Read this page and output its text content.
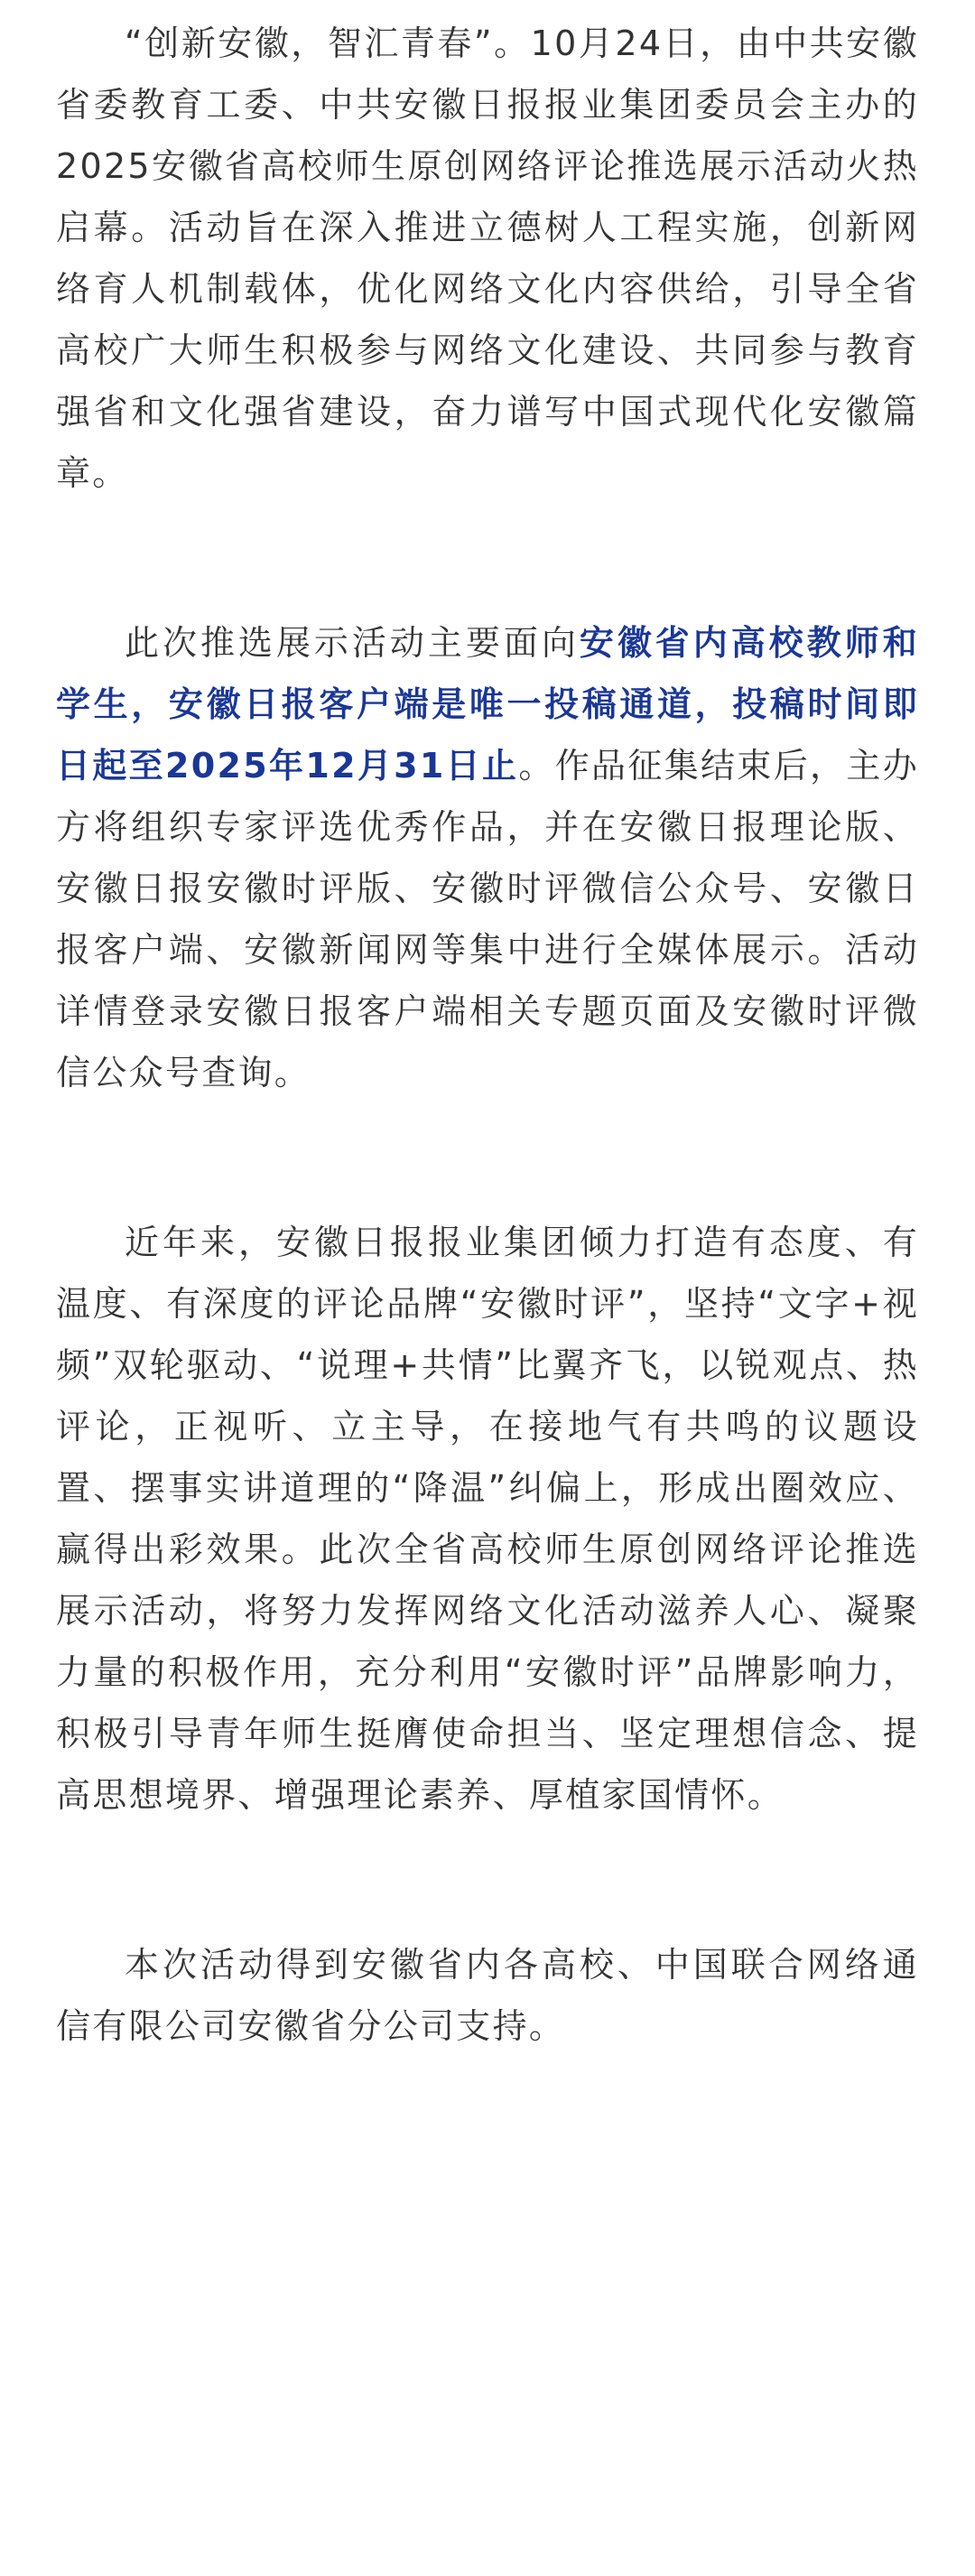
“创新安徽，智汇青春”。10月24日，由中共安徽省委教育工委、中共安徽日报报业集团委员会主办的2025安徽省高校师生原创网络评论推选展示活动火热启幕。活动旨在深入推进立德树人工程实施，创新网络育人机制载体，优化网络文化内容供给，引导全省高校广大师生积极参与网络文化建设、共同参与教育强省和文化强省建设，奋力谱写中国式现代化安徽篇章。

此次推选展示活动主要面向安徽省内高校教师和学生，安徽日报客户端是唯一投稿通道，投稿时间即日起至2025年12月31日止。作品征集结束后，主办方将组织专家评选优秀作品，并在安徽日报理论版、安徽日报安徽时评版、安徽时评微信公众号、安徽日报客户端、安徽新闻网等集中进行全媒体展示。活动详情登录安徽日报客户端相关专题页面及安徽时评微信公众号查询。

近年来，安徽日报报业集团倾力打造有态度、有温度、有深度的评论品牌“安徽时评”，坚持“文字+视频”双轮驱动、“说理+共情”比翼齐飞，以锐观点、热评论，正视听、立主导，在接地气有共鸣的议题设置、摆事实讲道理的“降温”纠偏上，形成出圈效应、赢得出彩效果。此次全省高校师生原创网络评论推选展示活动，将努力发挥网络文化活动滋养人心、凝聚力量的积极作用，充分利用“安徽时评”品牌影响力，积极引导青年师生挺膺使命担当、坚定理想信念、提高思想境界、增强理论素养、厚植家国情怀。

本次活动得到安徽省内各高校、中国联合网络通信有限公司安徽省分公司支持。
